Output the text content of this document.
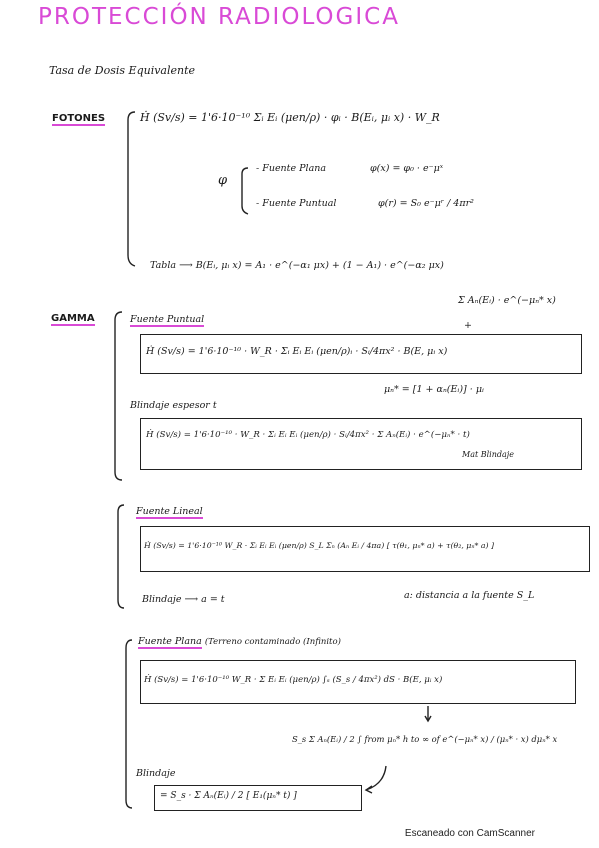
PROTECCIÓN RADIOLOGICA
Tasa de Dosis Equivalente
FOTONES	Ḣ (Sv/s) = 1'6·10⁻¹⁰ Σᵢ Eᵢ (μen/ρ) · φᵢ · B(Eᵢ, μᵢ x) · W_R
φ
- Fuente Plana	φ(x) = φ₀ · e⁻μˣ
- Fuente Puntual	φ(r) = S₀ e⁻μʳ / 4πr²
Tabla ⟶ B(Eᵢ, μᵢ x) = A₁ · e^(−α₁ μx) + (1 − A₁) · e^(−α₂ μx)
GAMMA
Σ Aₙ(Eᵢ) · e^(−μₙ* x)
+
Fuente Puntual
Ḣ (Sv/s) = 1'6·10⁻¹⁰ · W_R · Σᵢ Eᵢ Eᵢ (μen/ρ)ᵢ · Sᵢ/4πx² · B(E, μᵢ x)
μₙ* = [1 + αₙ(Eᵢ)] · μᵢ
Blindaje espesor t
Ḣ (Sv/s) = 1'6·10⁻¹⁰ · W_R · Σᵢ Eᵢ Eᵢ (μen/ρ) · Sᵢ/4πx² · Σ Aₙ(Eᵢ) · e^(−μₙ* · t)
Mat Blindaje
Fuente Lineal
Ḣ (Sv/s) = 1'6·10⁻¹⁰ W_R · Σᵢ Eᵢ Eᵢ (μen/ρ) S_L Σₙ (Aₙ Eᵢ / 4πa) [ τ(θ₁, μₙ* a) + τ(θ₂, μₙ* a) ]
Blindaje ⟶ a = t	a: distancia a la fuente S_L
Fuente Plana (Terreno contaminado (Infinito)
Ḣ (Sv/s) = 1'6·10⁻¹⁰ W_R · Σ Eᵢ Eᵢ (μen/ρ) ∫ₛ (S_s / 4πx²) dS · B(E, μᵢ x)
S_s Σ Aₙ(Eᵢ) / 2 ∫ from μₙ* h to ∞ of e^(−μₙ* x) / (μₙ* · x) dμₙ* x
Blindaje
= S_s · Σ Aₙ(Eᵢ) / 2 [ E₁(μₙ* t) ]
Escaneado con CamScanner
